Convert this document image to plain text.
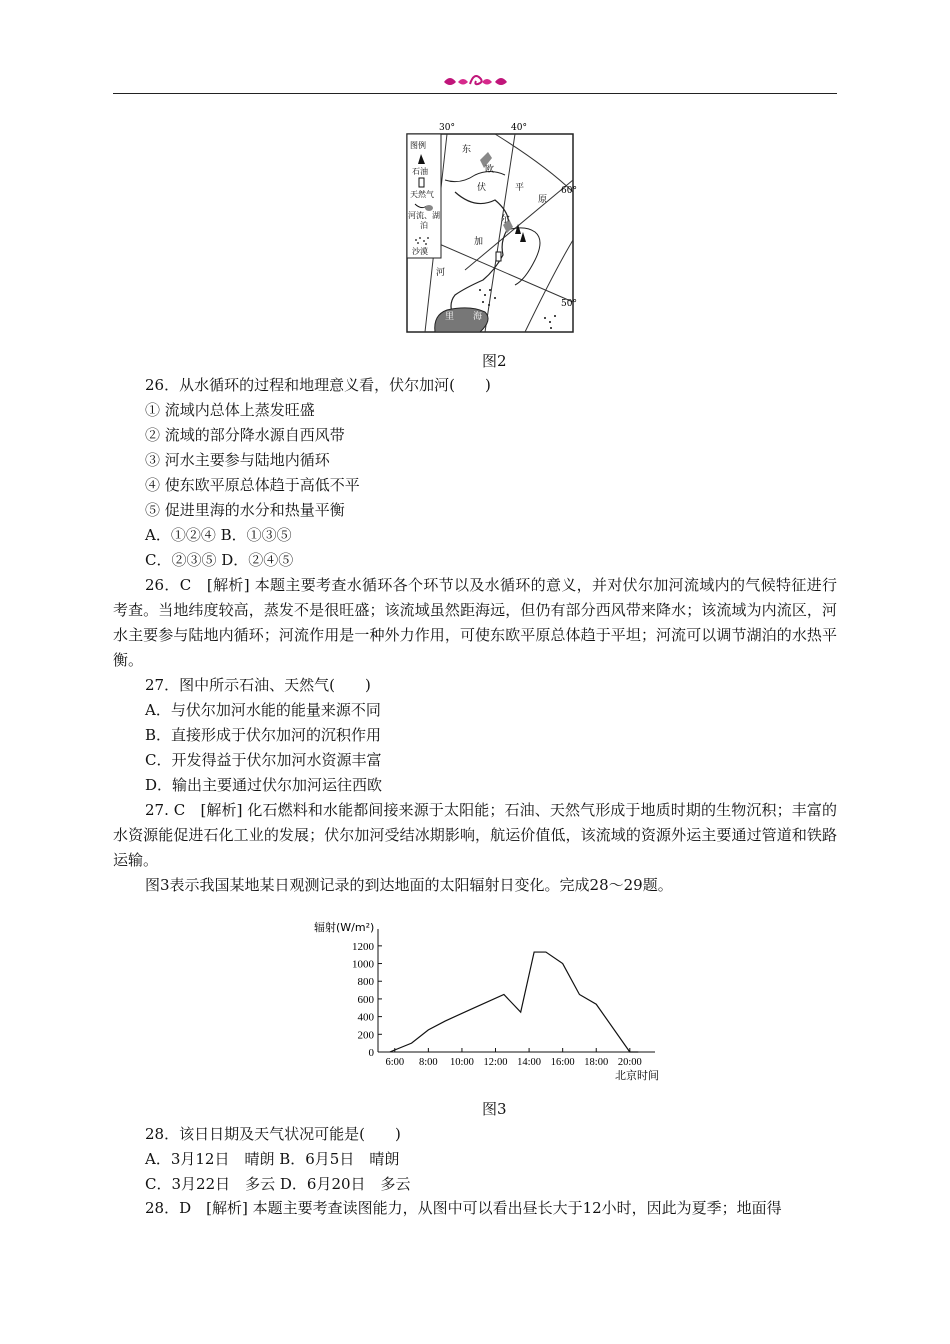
30°	40°
60°
50°
图例
石油
天然气
河流、湖泊
沙漠
东
欧
伏	平
原
尔
加
河
里 海
图2
26．从水循环的过程和地理意义看，伏尔加河(　　)
① 流域内总体上蒸发旺盛
② 流域的部分降水源自西风带
③ 河水主要参与陆地内循环
④ 使东欧平原总体趋于高低不平
⑤ 促进里海的水分和热量平衡
A．①②④ B．①③⑤
C．②③⑤ D．②④⑤
26．C　[解析] 本题主要考查水循环各个环节以及水循环的意义，并对伏尔加河流域内的气候特征进行考查。当地纬度较高，蒸发不是很旺盛；该流域虽然距海远，但仍有部分西风带来降水；该流域为内流区，河水主要参与陆地内循环；河流作用是一种外力作用，可使东欧平原总体趋于平坦；河流可以调节湖泊的水热平衡。
27．图中所示石油、天然气(　　)
A．与伏尔加河水能的能量来源不同
B．直接形成于伏尔加河的沉积作用
C．开发得益于伏尔加河水资源丰富
D．输出主要通过伏尔加河运往西欧
27. C　[解析] 化石燃料和水能都间接来源于太阳能；石油、天然气形成于地质时期的生物沉积；丰富的水资源能促进石化工业的发展；伏尔加河受结冰期影响，航运价值低，该流域的资源外运主要通过管道和铁路运输。
图3表示我国某地某日观测记录的到达地面的太阳辐射日变化。完成28～29题。
0
200
400
600
800
1000
1200
6:00 8:00 10:00 12:00 14:00 16:00 18:00 20:00
辐射(W/m²)
北京时间
图3
28．该日日期及天气状况可能是(　　)
A．3月12日　晴朗 B．6月5日　晴朗
C．3月22日　多云 D．6月20日　多云
28．D　[解析] 本题主要考查读图能力，从图中可以看出昼长大于12小时，因此为夏季；地面得
